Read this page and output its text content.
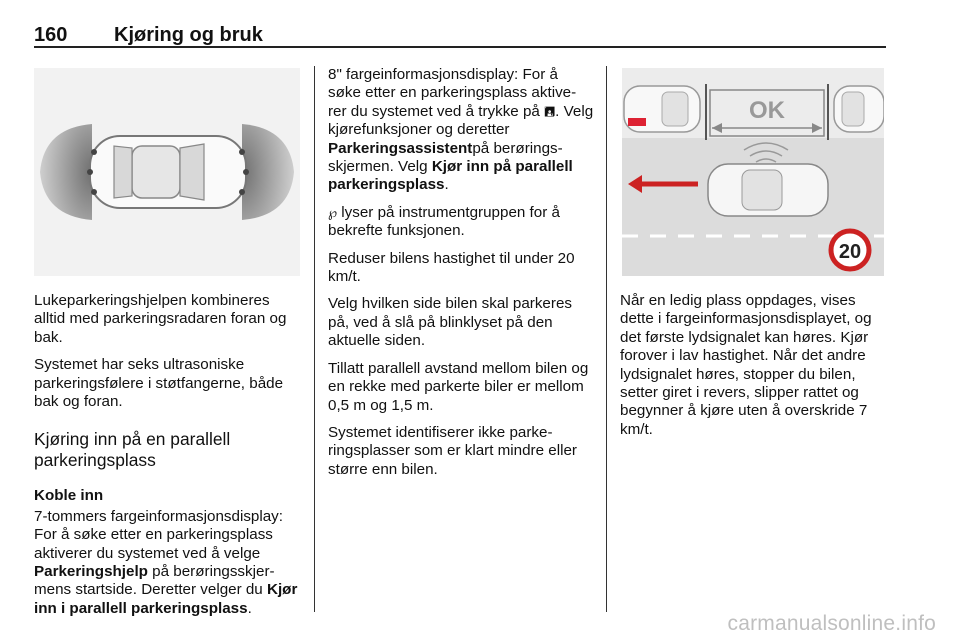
160 Kjøring og bruk

Lukeparkeringshjelpen kombineres alltid med parkeringsradaren foran og bak.

Systemet har seks ultrasoniske parkeringsfølere i støtfangerne, både bak og foran.

Kjøring inn på en parallell parkeringsplass
Koble inn

7-tommers fargeinformasjonsdisplay: For å søke etter en parkeringsplass aktiverer du systemet ved å velge Parkeringshjelp på berøringsskjer-mens startside. Deretter velger du Kjør inn i parallell parkeringsplass.

8" fargeinformasjonsdisplay: For å søke etter en parkeringsplass aktive-rer du systemet ved å trykke på 🖪. Velg kjørefunksjoner og deretter Parkeringsassistentpå berørings-skjermen. Velg Kjør inn på parallell parkeringsplass.

℘ lyser på instrumentgruppen for å bekrefte funksjonen.

Reduser bilens hastighet til under 20 km/t.

Velg hvilken side bilen skal parkeres på, ved å slå på blinklyset på den aktuelle siden.

Tillatt parallell avstand mellom bilen og en rekke med parkerte biler er mellom 0,5 m og 1,5 m.

Systemet identifiserer ikke parke-ringsplasser som er klart mindre eller større enn bilen.

OK
20

Når en ledig plass oppdages, vises dette i fargeinformasjonsdisplayet, og det første lydsignalet kan høres. Kjør forover i lav hastighet. Når det andre lydsignalet høres, stopper du bilen, setter giret i revers, slipper rattet og begynner å kjøre uten å overskride 7 km/t.

carmanualsonline.info
